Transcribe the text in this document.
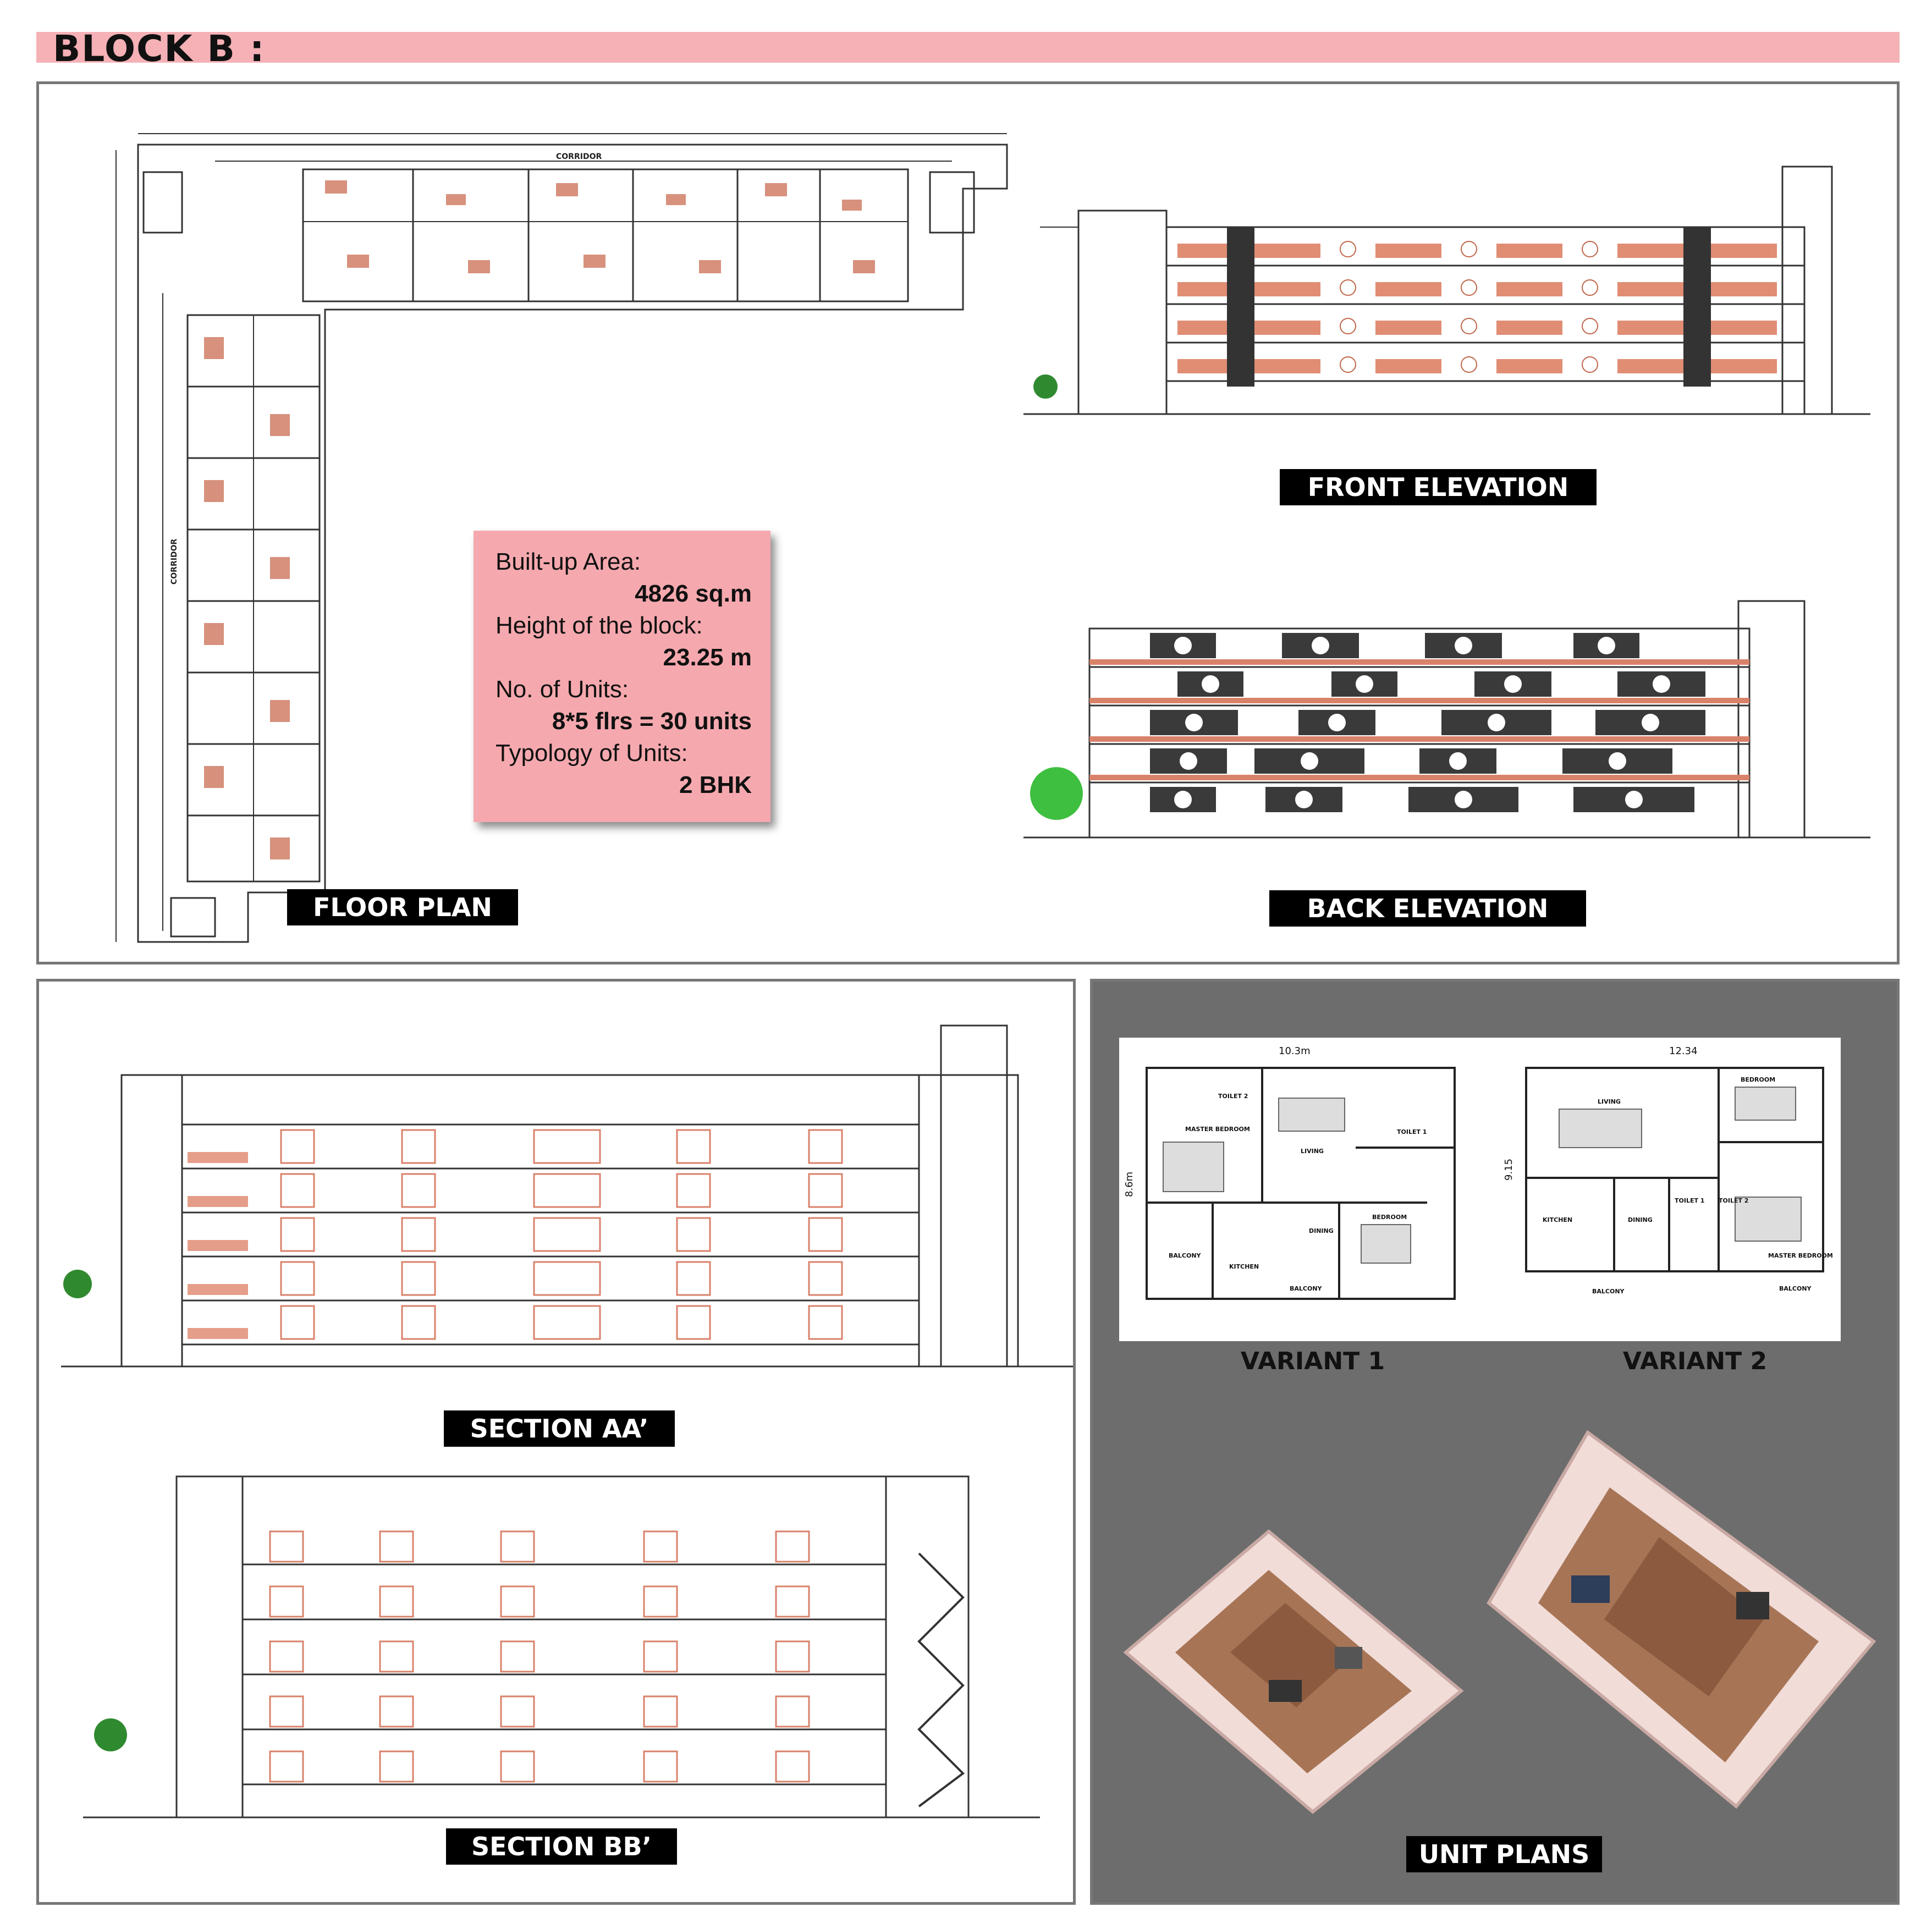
BLOCK B :
CORRIDOR
CORRIDOR	Built-up Area:
4826 sq.m
Height of the block:
23.25 m
No. of Units:
8*5 flrs = 30 units
Typology of Units:
2 BHK
FLOOR PLAN
FRONT ELEVATION
BACK ELEVATION
SECTION AA’
SECTION BB’
10.3m
8.6m
TOILET 2
MASTER BEDROOM
LIVING
TOILET 1
DINING
BEDROOM
BALCONY
KITCHEN
BALCONY
12.34
9.15
LIVING
BEDROOM
KITCHEN	DINING
TOILET 1 TOILET 2
MASTER BEDROOM
BALCONY	BALCONY
VARIANT 1	VARIANT 2
UNIT PLANS
